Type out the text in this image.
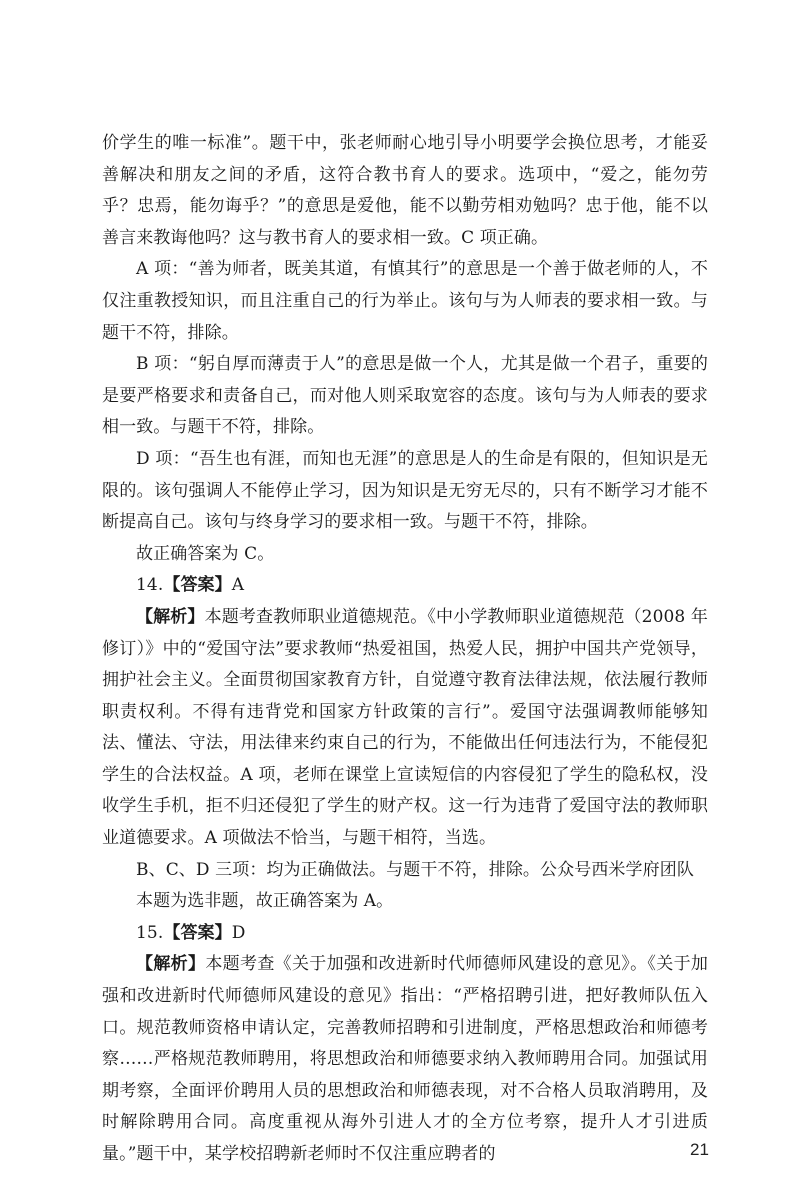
价学生的唯一标准”。题干中，张老师耐心地引导小明要学会换位思考，才能妥善解决和朋友之间的矛盾，这符合教书育人的要求。选项中，“爱之，能勿劳乎？忠焉，能勿诲乎？”的意思是爱他，能不以勤劳相劝勉吗？忠于他，能不以善言来教诲他吗？这与教书育人的要求相一致。C 项正确。

A 项：“善为师者，既美其道，有慎其行”的意思是一个善于做老师的人，不仅注重教授知识，而且注重自己的行为举止。该句与为人师表的要求相一致。与题干不符，排除。

B 项：“躬自厚而薄责于人”的意思是做一个人，尤其是做一个君子，重要的是要严格要求和责备自己，而对他人则采取宽容的态度。该句与为人师表的要求相一致。与题干不符，排除。

D 项：“吾生也有涯，而知也无涯”的意思是人的生命是有限的，但知识是无限的。该句强调人不能停止学习，因为知识是无穷无尽的，只有不断学习才能不断提高自己。该句与终身学习的要求相一致。与题干不符，排除。

故正确答案为 C。

14.【答案】A

【解析】本题考查教师职业道德规范。《中小学教师职业道德规范（2008 年修订）》中的“爱国守法”要求教师“热爱祖国，热爱人民，拥护中国共产党领导，拥护社会主义。全面贯彻国家教育方针，自觉遵守教育法律法规，依法履行教师职责权利。不得有违背党和国家方针政策的言行”。爱国守法强调教师能够知法、懂法、守法，用法律来约束自己的行为，不能做出任何违法行为，不能侵犯学生的合法权益。A 项，老师在课堂上宣读短信的内容侵犯了学生的隐私权，没收学生手机，拒不归还侵犯了学生的财产权。这一行为违背了爱国守法的教师职业道德要求。A 项做法不恰当，与题干相符，当选。

B、C、D 三项：均为正确做法。与题干不符，排除。公众号西米学府团队

本题为选非题，故正确答案为 A。

15.【答案】D

【解析】本题考查《关于加强和改进新时代师德师风建设的意见》。《关于加强和改进新时代师德师风建设的意见》指出：“严格招聘引进，把好教师队伍入口。规范教师资格申请认定，完善教师招聘和引进制度，严格思想政治和师德考察……严格规范教师聘用，将思想政治和师德要求纳入教师聘用合同。加强试用期考察，全面评价聘用人员的思想政治和师德表现，对不合格人员取消聘用，及时解除聘用合同。高度重视从海外引进人才的全方位考察，提升人才引进质量。”题干中，某学校招聘新老师时不仅注重应聘者的	21
